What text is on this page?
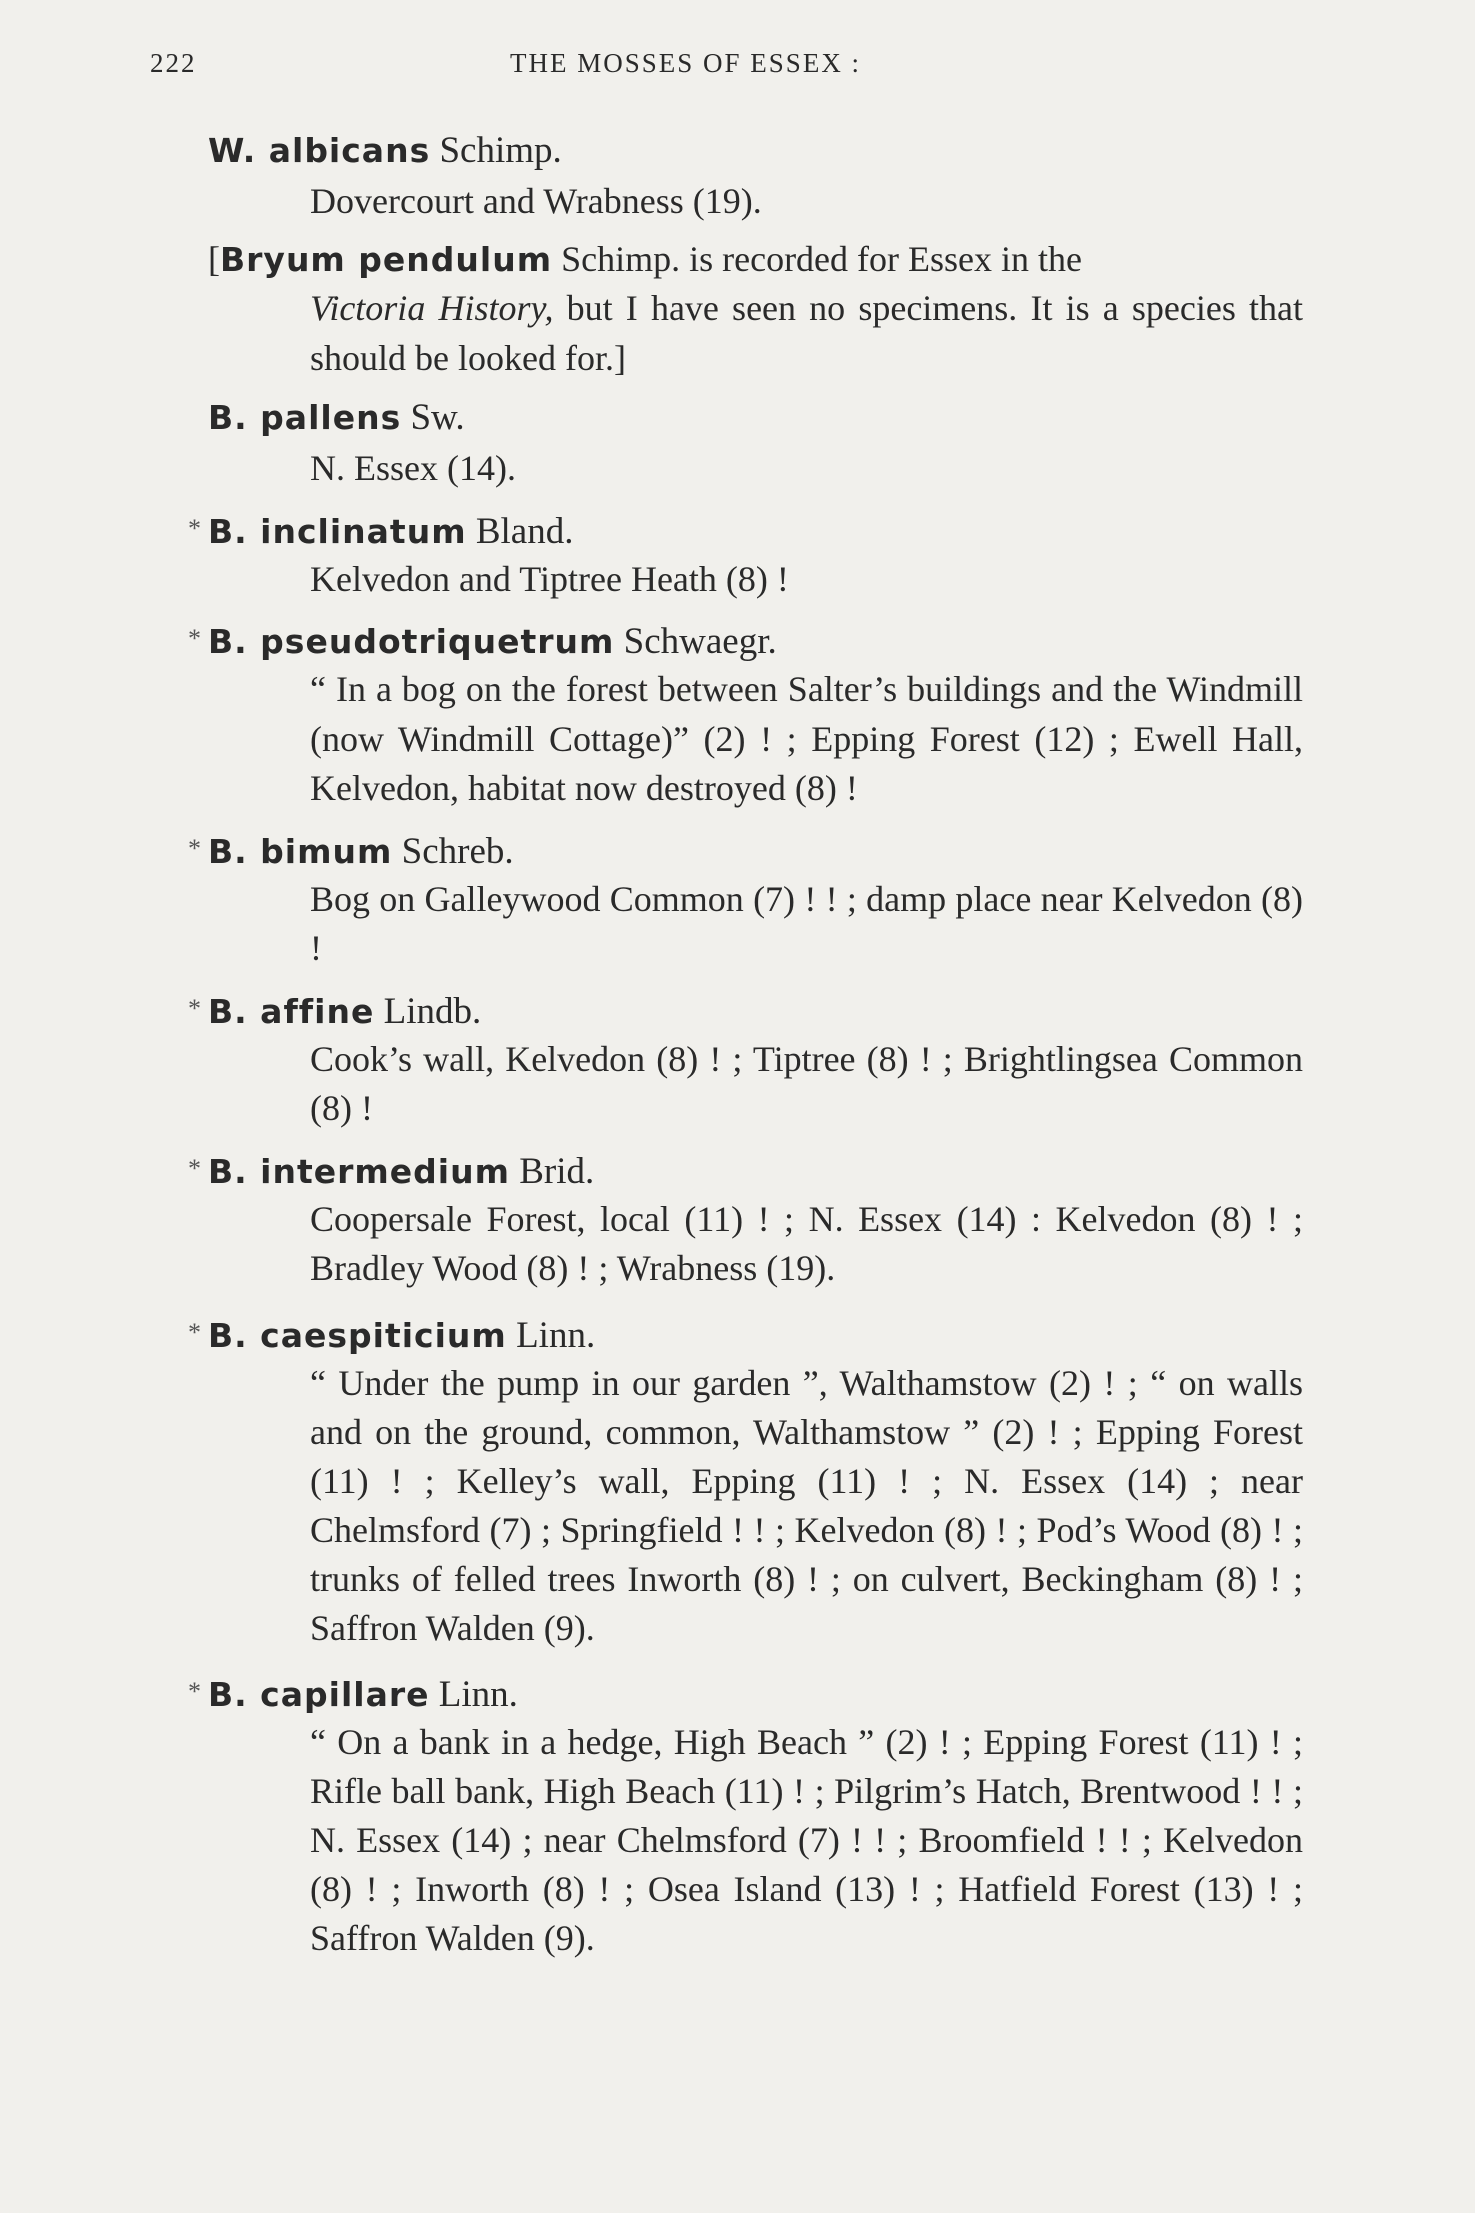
222	THE MOSSES OF ESSEX :
W. albicans Schimp.
Dovercourt and Wrabness (19).
[Bryum pendulum Schimp. is recorded for Essex in the
Victoria History, but I have seen no specimens. It is a species that should be looked for.]
B. pallens Sw.
N. Essex (14).
* B. inclinatum Bland.
Kelvedon and Tiptree Heath (8) !
* B. pseudotriquetrum Schwaegr.
“ In a bog on the forest between Salter’s buildings and the Windmill (now Windmill Cottage)” (2) ! ; Epping Forest (12) ; Ewell Hall, Kelvedon, habitat now destroyed (8) !
* B. bimum Schreb.
Bog on Galleywood Common (7) ! ! ; damp place near Kelvedon (8) !
* B. affine Lindb.
Cook’s wall, Kelvedon (8) ! ; Tiptree (8) ! ; Brightlingsea Common (8) !
* B. intermedium Brid.
Coopersale Forest, local (11) ! ; N. Essex (14) : Kelvedon (8) ! ; Bradley Wood (8) ! ; Wrabness (19).
* B. caespiticium Linn.
“ Under the pump in our garden ”, Walthamstow (2) ! ; “ on walls and on the ground, common, Walthamstow ” (2) ! ; Epping Forest (11) ! ; Kelley’s wall, Epping (11) ! ; N. Essex (14) ; near Chelmsford (7) ; Springfield ! ! ; Kelvedon (8) ! ; Pod’s Wood (8) ! ; trunks of felled trees Inworth (8) ! ; on culvert, Beckingham (8) ! ; Saffron Walden (9).
* B. capillare Linn.
“ On a bank in a hedge, High Beach ” (2) ! ; Epping Forest (11) ! ; Rifle ball bank, High Beach (11) ! ; Pilgrim’s Hatch, Brentwood ! ! ; N. Essex (14) ; near Chelmsford (7) ! ! ; Broomfield ! ! ; Kelvedon (8) ! ; Inworth (8) ! ; Osea Island (13) ! ; Hatfield Forest (13) ! ; Saffron Walden (9).
